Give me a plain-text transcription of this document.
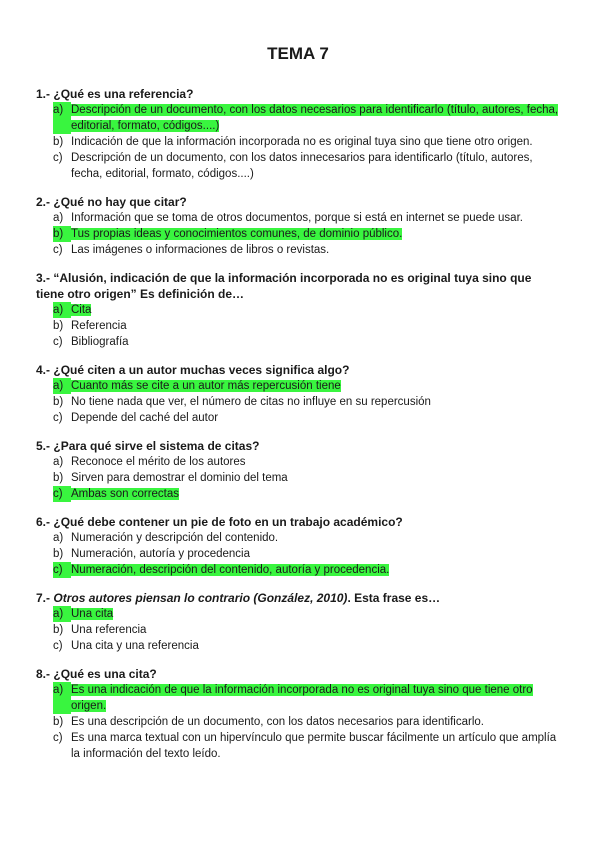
TEMA 7

1.- ¿Qué es una referencia?

a) Descripción de un documento, con los datos necesarios para identificarlo (título, autores, fecha, editorial, formato, códigos....)
b) Indicación de que la información incorporada no es original tuya sino que tiene otro origen.
c) Descripción de un documento, con los datos innecesarios para identificarlo (título, autores, fecha, editorial, formato, códigos....)

2.- ¿Qué no hay que citar?

a) Información que se toma de otros documentos, porque si está en internet se puede usar.
b) Tus propias ideas y conocimientos comunes, de dominio público.
c) Las imágenes o informaciones de libros o revistas.

3.- “Alusión, indicación de que la información incorporada no es original tuya sino que tiene otro origen” Es definición de…

a) Cita
b) Referencia
c) Bibliografía

4.- ¿Qué citen a un autor muchas veces significa algo?

a) Cuanto más se cite a un autor más repercusión tiene
b) No tiene nada que ver, el número de citas no influye en su repercusión
c) Depende del caché del autor

5.- ¿Para qué sirve el sistema de citas?

a) Reconoce el mérito de los autores
b) Sirven para demostrar el dominio del tema
c) Ambas son correctas

6.- ¿Qué debe contener un pie de foto en un trabajo académico?

a) Numeración y descripción del contenido.
b) Numeración, autoría y procedencia
c) Numeración, descripción del contenido, autoría y procedencia.

7.- Otros autores piensan lo contrario (González, 2010). Esta frase es…

a) Una cita
b) Una referencia
c) Una cita y una referencia

8.- ¿Qué es una cita?

a) Es una indicación de que la información incorporada no es original tuya sino que tiene otro origen.
b) Es una descripción de un documento, con los datos necesarios para identificarlo.
c) Es una marca textual con un hipervínculo que permite buscar fácilmente un artículo que amplía la información del texto leído.
